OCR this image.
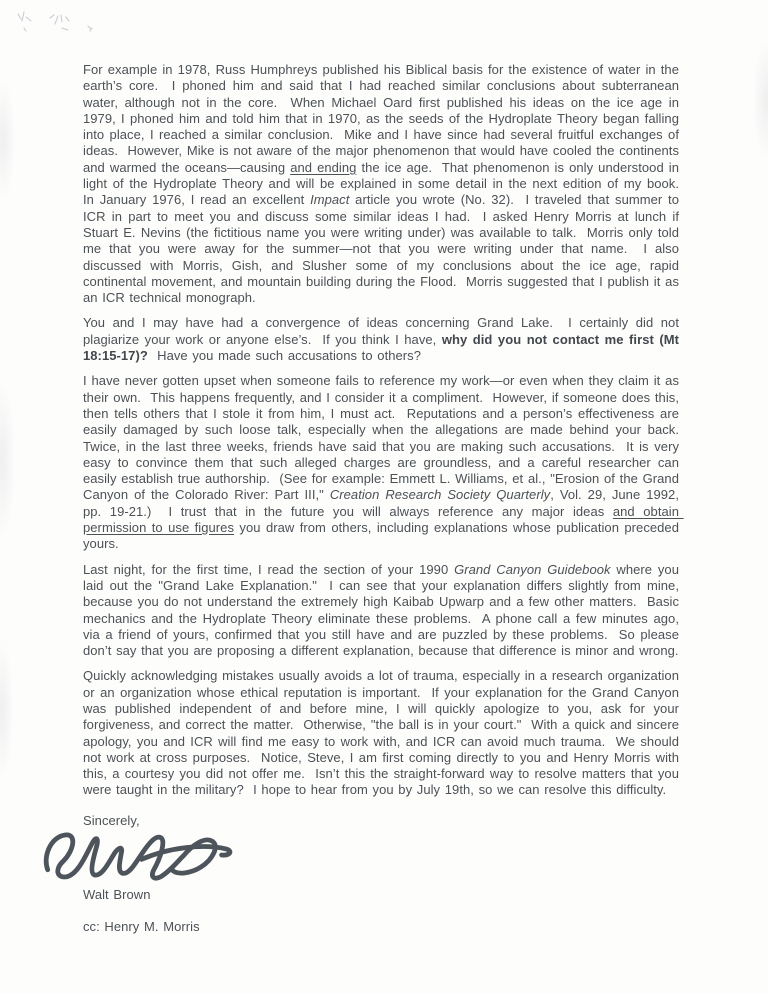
For example in 1978, Russ Humphreys published his Biblical basis for the existence of water in the earth’s core.  I phoned him and said that I had reached similar conclusions about subterranean water, although not in the core.  When Michael Oard first published his ideas on the ice age in 1979, I phoned him and told him that in 1970, as the seeds of the Hydroplate Theory began falling into place, I reached a similar conclusion.  Mike and I have since had several fruitful exchanges of ideas.  However, Mike is not aware of the major phenomenon that would have cooled the continents and warmed the oceans—causing and ending the ice age.  That phenomenon is only understood in light of the Hydroplate Theory and will be explained in some detail in the next edition of my book.  In January 1976, I read an excellent Impact article you wrote (No. 32).  I traveled that summer to ICR in part to meet you and discuss some similar ideas I had.  I asked Henry Morris at lunch if Stuart E. Nevins (the fictitious name you were writing under) was available to talk.  Morris only told me that you were away for the summer—not that you were writing under that name.  I also discussed with Morris, Gish, and Slusher some of my conclusions about the ice age, rapid continental movement, and mountain building during the Flood.  Morris suggested that I publish it as an ICR technical monograph.

You and I may have had a convergence of ideas concerning Grand Lake.  I certainly did not plagiarize your work or anyone else’s.  If you think I have, why did you not contact me first (Mt 18:15-17)?  Have you made such accusations to others?

I have never gotten upset when someone fails to reference my work—or even when they claim it as their own.  This happens frequently, and I consider it a compliment.  However, if someone does this, then tells others that I stole it from him, I must act.  Reputations and a person’s effectiveness are easily damaged by such loose talk, especially when the allegations are made behind your back.  Twice, in the last three weeks, friends have said that you are making such accusations.  It is very easy to convince them that such alleged charges are groundless, and a careful researcher can easily establish true authorship.  (See for example: Emmett L. Williams, et al., "Erosion of the Grand Canyon of the Colorado River: Part III," Creation Research Society Quarterly, Vol. 29, June 1992, pp. 19-21.)  I trust that in the future you will always reference any major ideas and obtain permission to use figures you draw from others, including explanations whose publication preceded yours.

Last night, for the first time, I read the section of your 1990 Grand Canyon Guidebook where you laid out the "Grand Lake Explanation."  I can see that your explanation differs slightly from mine, because you do not understand the extremely high Kaibab Upwarp and a few other matters.  Basic mechanics and the Hydroplate Theory eliminate these problems.  A phone call a few minutes ago, via a friend of yours, confirmed that you still have and are puzzled by these problems.  So please don’t say that you are proposing a different explanation, because that difference is minor and wrong.

Quickly acknowledging mistakes usually avoids a lot of trauma, especially in a research organization or an organization whose ethical reputation is important.  If your explanation for the Grand Canyon was published independent of and before mine, I will quickly apologize to you, ask for your forgiveness, and correct the matter.  Otherwise, "the ball is in your court."  With a quick and sincere apology, you and ICR will find me easy to work with, and ICR can avoid much trauma.  We should not work at cross purposes.  Notice, Steve, I am first coming directly to you and Henry Morris with this, a courtesy you did not offer me.  Isn’t this the straight-forward way to resolve matters that you were taught in the military?  I hope to hear from you by July 19th, so we can resolve this difficulty.

Sincerely,

Walt Brown

cc: Henry M. Morris
